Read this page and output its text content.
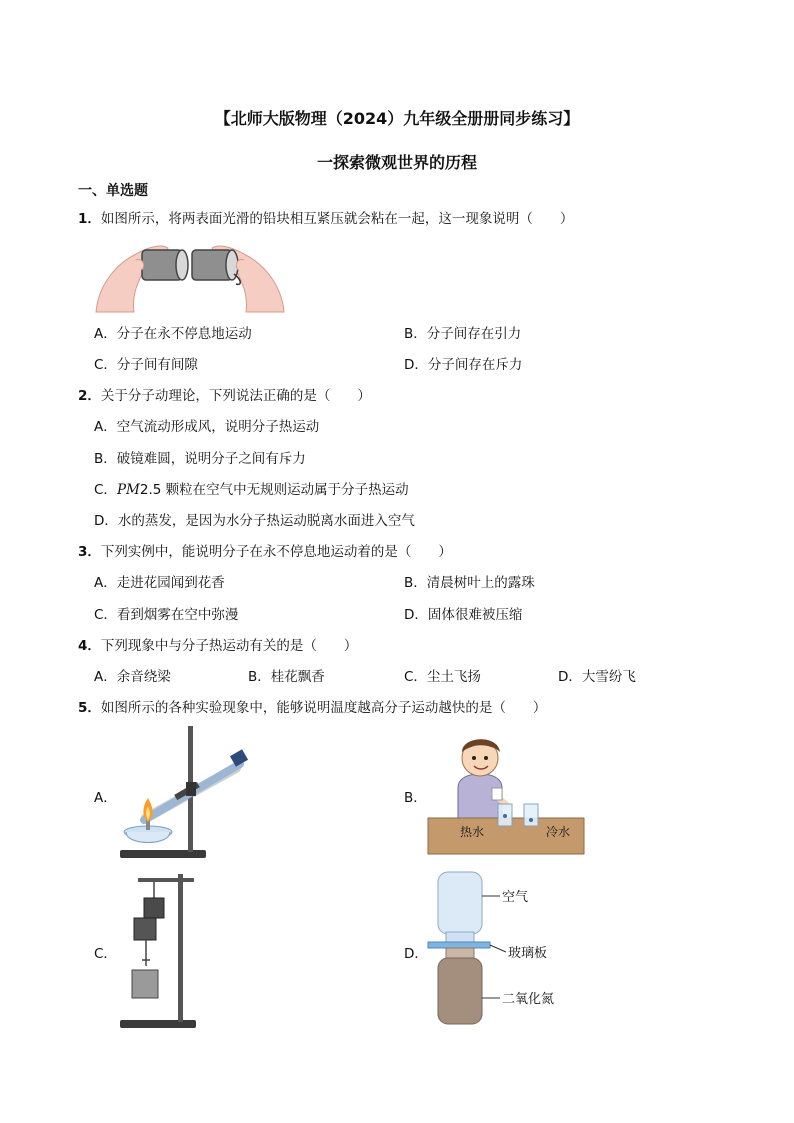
【北师大版物理（2024）九年级全册册同步练习】
一探索微观世界的历程
一、单选题
1．如图所示，将两表面光滑的铅块相互紧压就会粘在一起，这一现象说明（　　）
A．分子在永不停息地运动	B．分子间存在引力
C．分子间有间隙	D．分子间存在斥力
2．关于分子动理论，下列说法正确的是（　　）
A．空气流动形成风，说明分子热运动
B．破镜难圆，说明分子之间有斥力
C．PM2.5 颗粒在空气中无规则运动属于分子热运动
D．水的蒸发，是因为水分子热运动脱离水面进入空气
3．下列实例中，能说明分子在永不停息地运动着的是（　　）
A．走进花园闻到花香	B．清晨树叶上的露珠
C．看到烟雾在空中弥漫	D．固体很难被压缩
4．下列现象中与分子热运动有关的是（　　）
A．余音绕梁	B．桂花飘香	C．尘土飞扬	D．大雪纷飞
5．如图所示的各种实验现象中，能够说明温度越高分子运动越快的是（　　）
A．	B．
C．	D．
热水	冷水
空气
玻璃板
二氧化氮
